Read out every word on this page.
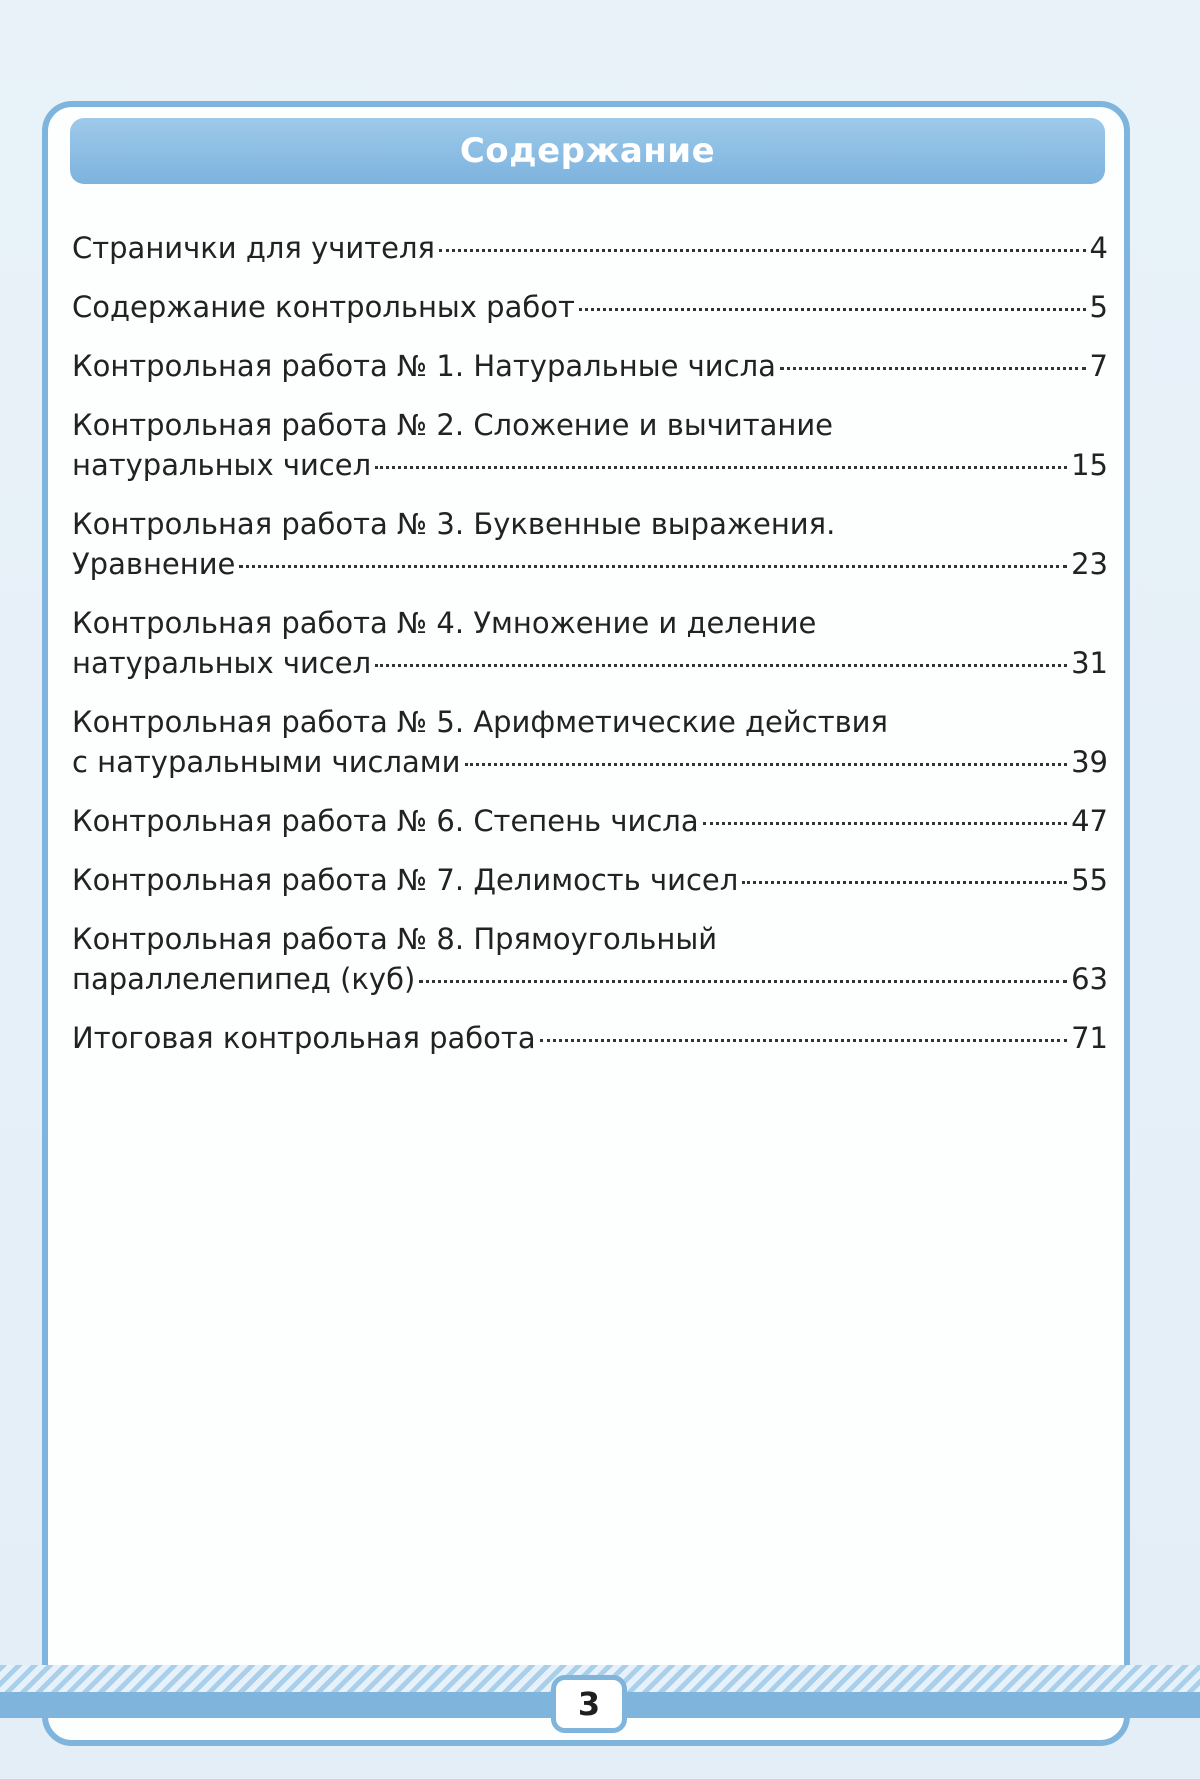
Содержание
Странички для учителя	4
Содержание контрольных работ	5
Контрольная работа № 1. Натуральные числа	7
Контрольная работа № 2. Сложение и вычитание
натуральных чисел	15
Контрольная работа № 3. Буквенные выражения.
Уравнение	23
Контрольная работа № 4. Умножение и деление
натуральных чисел	31
Контрольная работа № 5. Арифметические действия
с натуральными числами	39
Контрольная работа № 6. Степень числа	47
Контрольная работа № 7. Делимость чисел	55
Контрольная работа № 8. Прямоугольный
параллелепипед (куб)	63
Итоговая контрольная работа	71
3
